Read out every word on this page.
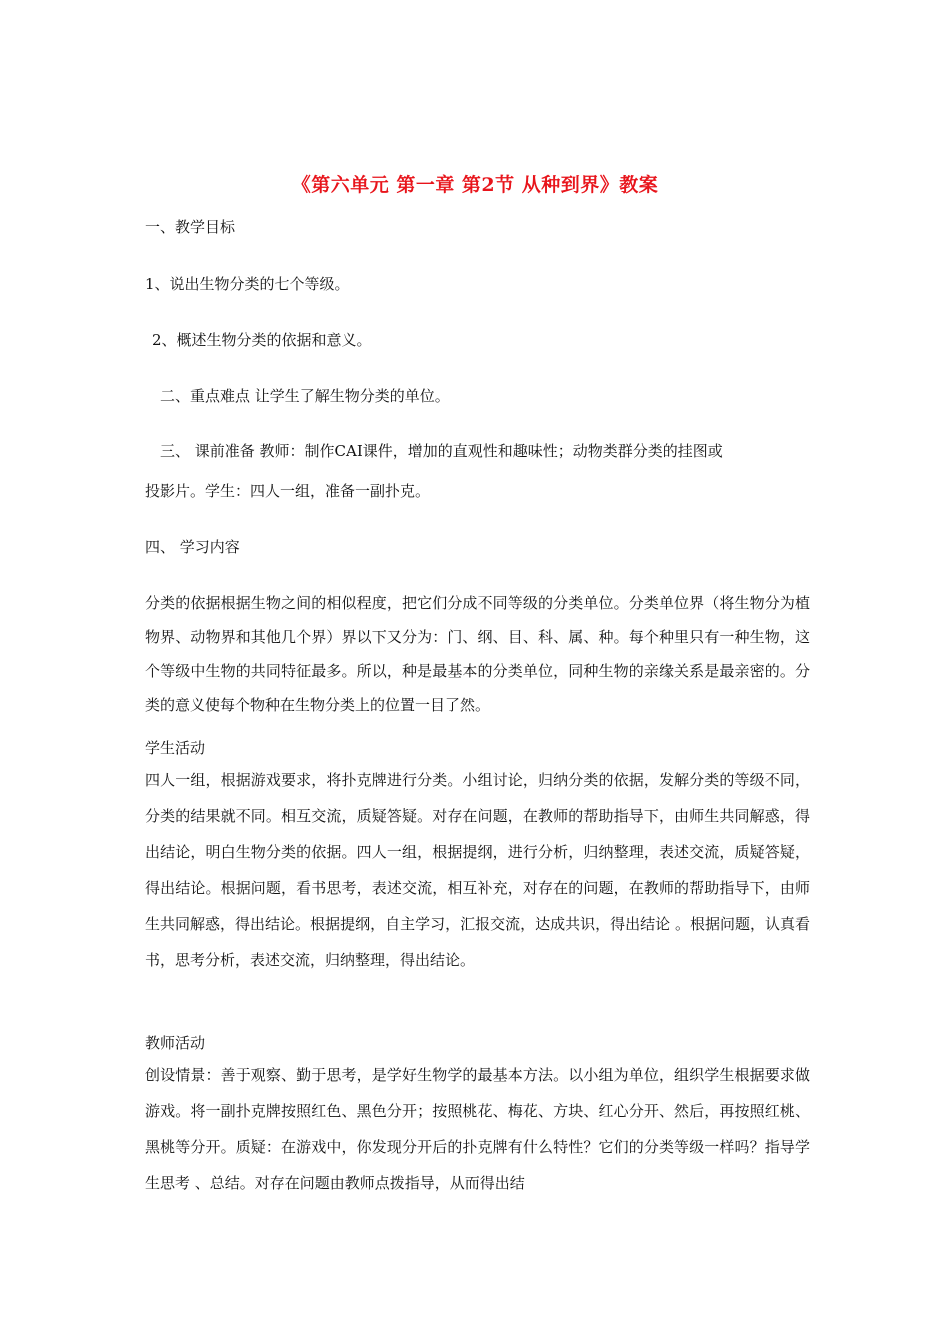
《第六单元 第一章 第2节 从种到界》教案
一、教学目标
1、说出生物分类的七个等级。
2、概述生物分类的依据和意义。
二、重点难点 让学生了解生物分类的单位。
三、 课前准备 教师：制作CAI课件，增加的直观性和趣味性；动物类群分类的挂图或
投影片。学生：四人一组，准备一副扑克。
四、 学习内容
分类的依据根据生物之间的相似程度，把它们分成不同等级的分类单位。分类单位界（将生物分为植物界、动物界和其他几个界）界以下又分为：门、纲、目、科、属、种。每个种里只有一种生物，这个等级中生物的共同特征最多。所以，种是最基本的分类单位，同种生物的亲缘关系是最亲密的。分类的意义使每个物种在生物分类上的位置一目了然。
学生活动
四人一组，根据游戏要求，将扑克牌进行分类。小组讨论，归纳分类的依据，发解分类的等级不同，分类的结果就不同。相互交流，质疑答疑。对存在问题，在教师的帮助指导下，由师生共同解惑，得出结论，明白生物分类的依据。四人一组，根据提纲，进行分析，归纳整理，表述交流，质疑答疑，得出结论。根据问题，看书思考，表述交流，相互补充，对存在的问题，在教师的帮助指导下，由师生共同解惑，得出结论。根据提纲，自主学习，汇报交流，达成共识，得出结论 。根据问题，认真看书，思考分析，表述交流，归纳整理，得出结论。
教师活动
创设情景：善于观察、勤于思考，是学好生物学的最基本方法。以小组为单位，组织学生根据要求做游戏。将一副扑克牌按照红色、黑色分开；按照桃花、梅花、方块、红心分开、然后，再按照红桃、黑桃等分开。质疑：在游戏中，你发现分开后的扑克牌有什么特性？它们的分类等级一样吗？指导学生思考 、总结。对存在问题由教师点拨指导，从而得出结
